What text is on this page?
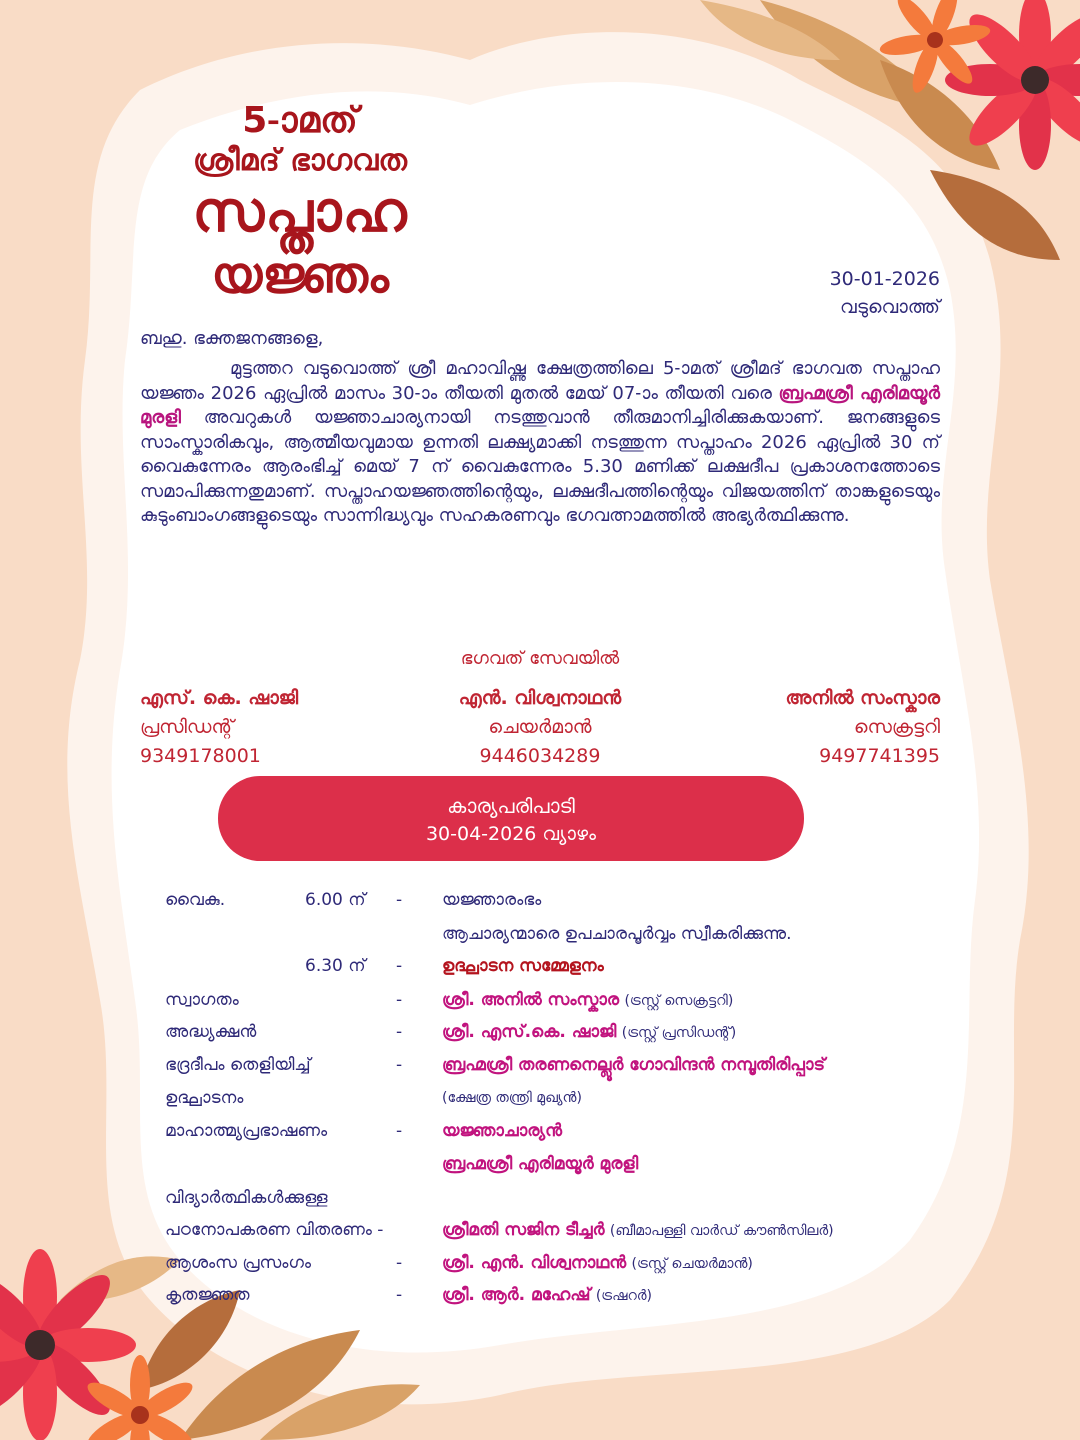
5-ാമത്
ശ്രീമദ് ഭാഗവത
സപ്താഹ
യജ്ഞം	30-01-2026
വടുവൊത്ത്
ബഹു. ഭക്തജനങ്ങളെ,
മുട്ടത്തറ വടുവൊത്ത് ശ്രീ മഹാവിഷ്ണു ക്ഷേത്രത്തിലെ 5-ാമത് ശ്രീമദ് ഭാഗവത സപ്താഹ യജ്ഞം 2026 ഏപ്രിൽ മാസം 30-ാം തീയതി മുതൽ മേയ് 07-ാം തീയതി വരെ ബ്രഹ്മശ്രീ എരിമയൂർ മുരളി അവറുകൾ യജ്ഞാചാര്യനായി നടത്തുവാൻ തീരുമാനിച്ചിരിക്കുകയാണ്. ജനങ്ങളുടെ സാംസ്കാരികവും, ആത്മീയവുമായ ഉന്നതി ലക്ഷ്യമാക്കി നടത്തുന്ന സപ്താഹം 2026 ഏപ്രിൽ 30 ന് വൈകുന്നേരം ആരംഭിച്ച് മെയ് 7 ന് വൈകുന്നേരം 5.30 മണിക്ക് ലക്ഷദീപ പ്രകാശനത്തോടെ സമാപിക്കുന്നതുമാണ്. സപ്താഹയജ്ഞത്തിന്റെയും, ലക്ഷദീപത്തിന്റെയും വിജയത്തിന് താങ്കളുടെയും കുടുംബാംഗങ്ങളുടെയും സാന്നിദ്ധ്യവും സഹകരണവും ഭഗവത്നാമത്തിൽ അഭ്യർത്ഥിക്കുന്നു.
ഭഗവത് സേവയിൽ
എസ്. കെ. ഷാജി
പ്രസിഡന്റ്
9349178001
എൻ. വിശ്വനാഥൻ
ചെയർമാൻ
9446034289
അനിൽ സംസ്കാര
സെക്രട്ടറി
9497741395
കാര്യപരിപാടി
30-04-2026 വ്യാഴം
വൈകു.	6.00 ന് - യജ്ഞാരംഭം
ആചാര്യന്മാരെ ഉപചാരപൂർവ്വം സ്വീകരിക്കുന്നു.
6.30 ന് - ഉദ്ഘാടന സമ്മേളനം
സ്വാഗതം	- ശ്രീ. അനിൽ സംസ്കാര (ട്രസ്റ്റ് സെക്രട്ടറി)
അദ്ധ്യക്ഷൻ	- ശ്രീ. എസ്.കെ. ഷാജി (ട്രസ്റ്റ് പ്രസിഡന്റ്)
ഭദ്രദീപം തെളിയിച്ച്	- ബ്രഹ്മശ്രീ തരണനെല്ലൂർ ഗോവിന്ദൻ നമ്പൂതിരിപ്പാട്
ഉദ്ഘാടനം	(ക്ഷേത്ര തന്ത്രി മുഖ്യൻ)
മാഹാത്മ്യപ്രഭാഷണം	- യജ്ഞാചാര്യൻ
ബ്രഹ്മശ്രീ എരിമയൂർ മുരളി
വിദ്യാർത്ഥികൾക്കുള്ള
പഠനോപകരണ വിതരണം -	ശ്രീമതി സജിന ടീച്ചർ (ബീമാപള്ളി വാർഡ് കൗൺസിലർ)
ആശംസ പ്രസംഗം	- ശ്രീ. എൻ. വിശ്വനാഥൻ (ട്രസ്റ്റ് ചെയർമാൻ)
കൃതജ്ഞത	- ശ്രീ. ആർ. മഹേഷ് (ട്രഷറർ)
